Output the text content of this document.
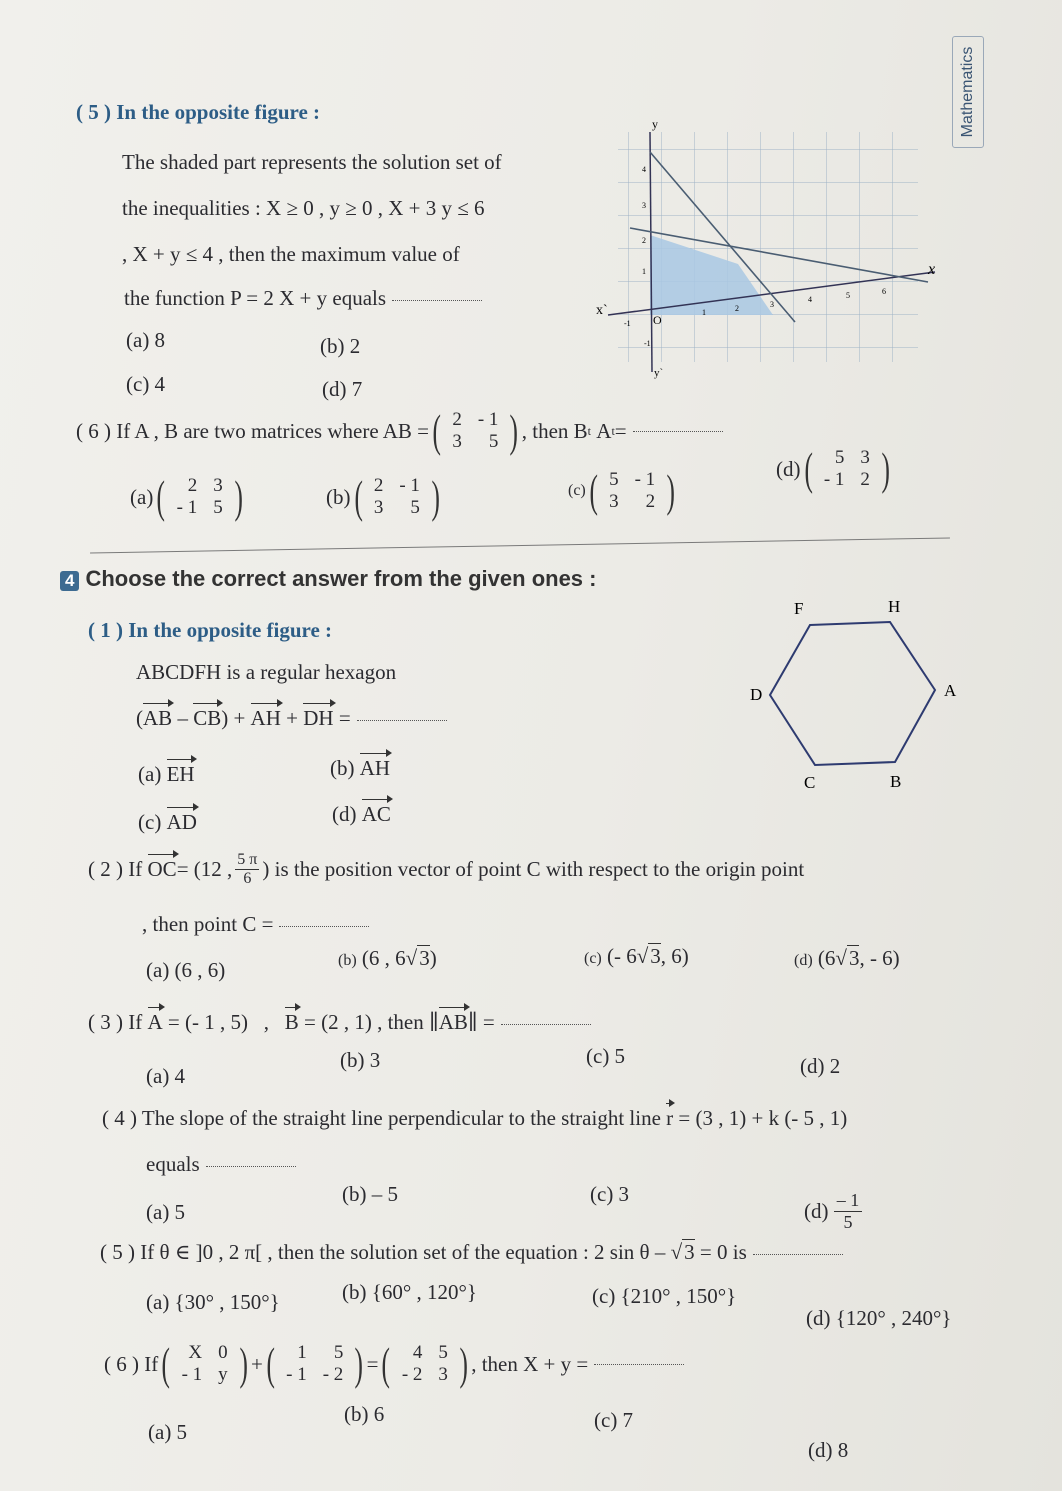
Mathematics
( 5 ) In the opposite figure :
The shaded part represents the solution set of
the inequalities : X ≥ 0 , y ≥ 0 , X + 3 y ≤ 6
, X + y ≤ 4 , then the maximum value of
the function P = 2 X + y equals
(a) 8	(b) 2
(c) 4	(d) 7
y
x
x`
y`
O
-1
1	2	3
4	5	6
-1
1
2
3
4
( 6 )
If A , B are two matrices where AB = ( 2	- 1
3	5 ) , then B t
A t =
(a) ( 2	3
- 1	5 )	(b) ( 2	- 1
3	5 )	(c) ( 5	- 1
3	2 )	(d) ( 5	3
- 1	2 )
4 Choose the correct answer from the given ones :
( 1 ) In the opposite figure :
ABCDFH is a regular hexagon
(AB – CB) + AH + DH =
(a) EH	(b) AH
(c) AD	(d) AC
F	H
D	A
C	B
( 2 )
If
OC = (12 , 5 π
6 )
is the position vector of point C with respect to the origin point
, then point C =
(a) (6 , 6)	(b) (6 , 6√3)	(c) (- 6√3, 6)	(d) (6√3, - 6)
( 3 ) If A = (- 1 , 5) , B = (2 , 1) , then ∥AB∥ =
(a) 4
(b) 3	(c) 5	(d) 2
( 4 ) The slope of the straight line perpendicular to the straight line r = (3 , 1) + k (- 5 , 1)
equals
(a) 5
(b) – 5	(c) 3
(d)
– 1
5
( 5 ) If θ ∈ ]0 , 2 π[ , then the solution set of the equation : 2 sin θ – √3 = 0 is
(a) {30° , 150°}	(b) {60° , 120°}	(c) {210° , 150°}
(d) {120° , 240°}
( 6 )
If ( X	0
- 1	y ) + ( 1	5
- 1	- 2 ) = ( 4	5
- 2	3 ) , then X + y =
(a) 5
(b) 6	(c) 7
(d) 8
